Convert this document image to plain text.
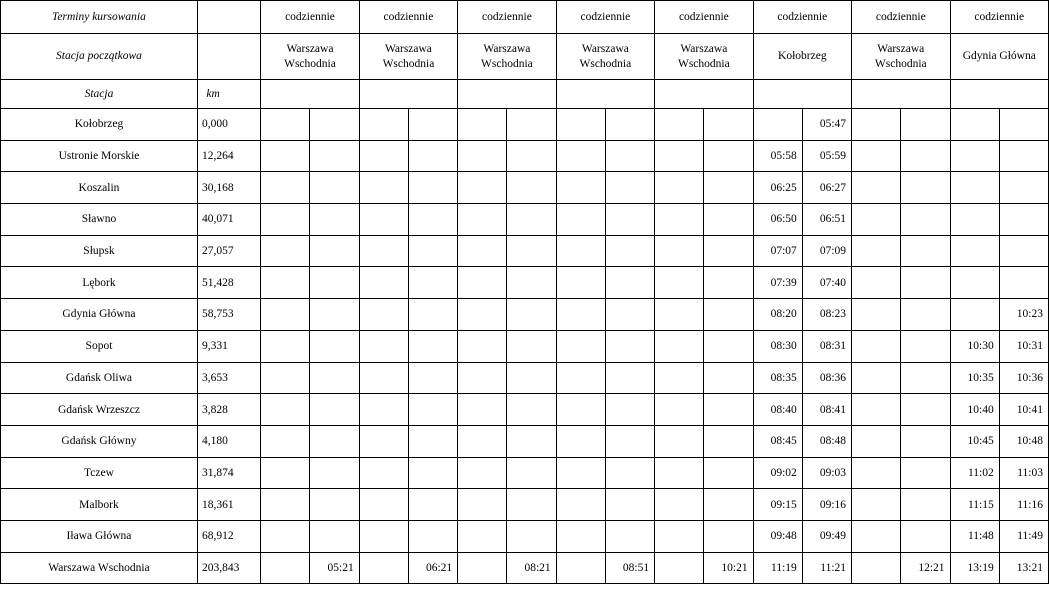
Terminy kursowania		codziennie		codziennie		codziennie		codziennie		codziennie		codziennie		codziennie		codziennie	
Stacja początkowa		Warszawa Wschodnia		Warszawa Wschodnia		Warszawa Wschodnia		Warszawa Wschodnia		Warszawa Wschodnia		Kołobrzeg		Warszawa Wschodnia		Gdynia Główna	
Stacja	km																
Kołobrzeg	0,000												05:47				
Ustronie Morskie	12,264											05:58	05:59				
Koszalin	30,168											06:25	06:27				
Sławno	40,071											06:50	06:51				
Słupsk	27,057											07:07	07:09				
Lębork	51,428											07:39	07:40				
Gdynia Główna	58,753											08:20	08:23				10:23
Sopot	9,331											08:30	08:31			10:30	10:31
Gdańsk Oliwa	3,653											08:35	08:36			10:35	10:36
Gdańsk Wrzeszcz	3,828											08:40	08:41			10:40	10:41
Gdańsk Główny	4,180											08:45	08:48			10:45	10:48
Tczew	31,874											09:02	09:03			11:02	11:03
Malbork	18,361											09:15	09:16			11:15	11:16
Iława Główna	68,912											09:48	09:49			11:48	11:49
Warszawa Wschodnia	203,843		05:21		06:21		08:21		08:51		10:21	11:19	11:21		12:21	13:19	13:21
